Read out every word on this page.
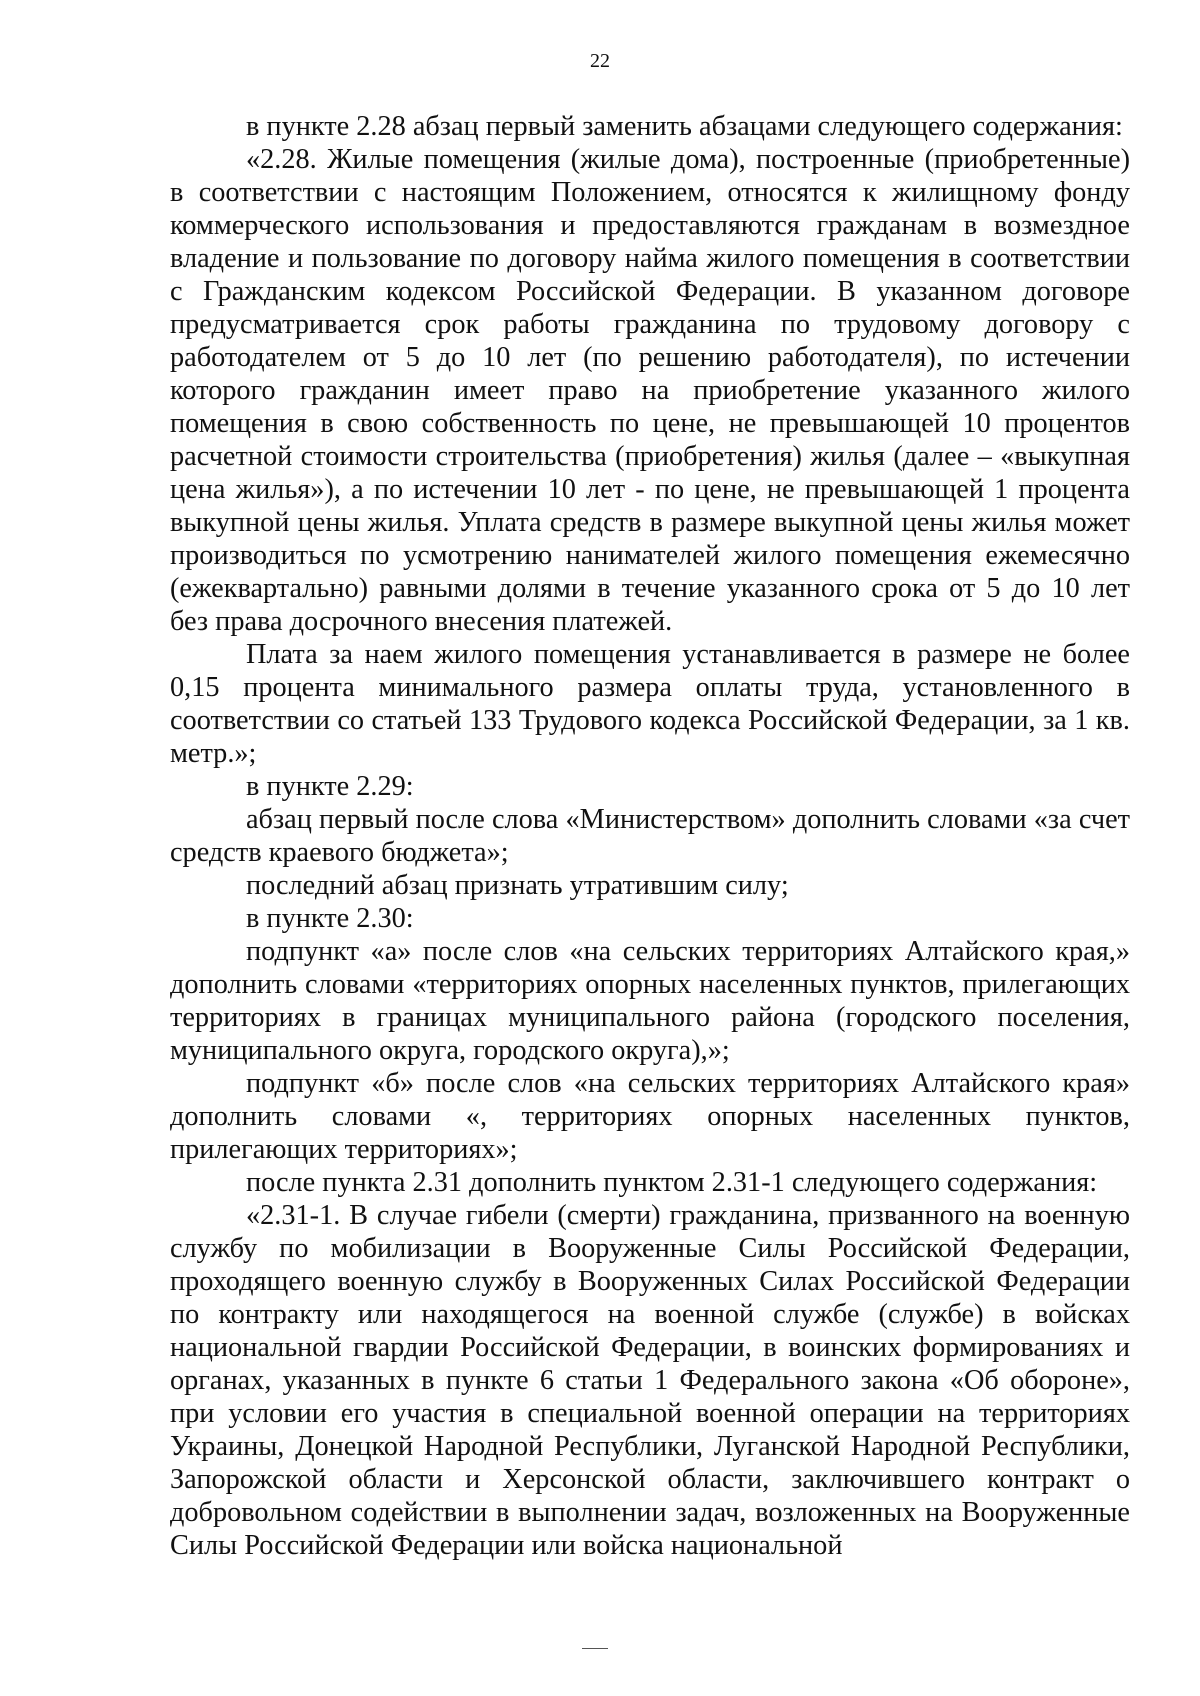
22

в пункте 2.28 абзац первый заменить абзацами следующего содержания:

«2.28. Жилые помещения (жилые дома), построенные (приобретенные) в соответствии с настоящим Положением, относятся к жилищному фонду коммерческого использования и предоставляются гражданам в возмездное владение и пользование по договору найма жилого помещения в соответствии с Гражданским кодексом Российской Федерации. В указанном договоре предусматривается срок работы гражданина по трудовому договору с работодателем от 5 до 10 лет (по решению работодателя), по истечении которого гражданин имеет право на приобретение указанного жилого помещения в свою собственность по цене, не превышающей 10 процентов расчетной стоимости строительства (приобретения) жилья (далее – «выкупная цена жилья»), а по истечении 10 лет - по цене, не превышающей 1 процента выкупной цены жилья. Уплата средств в размере выкупной цены жилья может производиться по усмотрению нанимателей жилого помещения ежемесячно (ежеквартально) равными долями в течение указанного срока от 5 до 10 лет без права досрочного внесения платежей.

Плата за наем жилого помещения устанавливается в размере не более 0,15 процента минимального размера оплаты труда, установленного в соответствии со статьей 133 Трудового кодекса Российской Федерации, за 1 кв. метр.»;

в пункте 2.29:

абзац первый после слова «Министерством» дополнить словами «за счет средств краевого бюджета»;

последний абзац признать утратившим силу;

в пункте 2.30:

подпункт «а» после слов «на сельских территориях Алтайского края,» дополнить словами «территориях опорных населенных пунктов, прилегающих территориях в границах муниципального района (городского поселения, муниципального округа, городского округа),»;

подпункт «б» после слов «на сельских территориях Алтайского края» дополнить словами «, территориях опорных населенных пунктов, прилегающих территориях»;

после пункта 2.31 дополнить пунктом 2.31-1 следующего содержания:

«2.31-1. В случае гибели (смерти) гражданина, призванного на военную службу по мобилизации в Вооруженные Силы Российской Федерации, проходящего военную службу в Вооруженных Силах Российской Федерации по контракту или находящегося на военной службе (службе) в войсках национальной гвардии Российской Федерации, в воинских формированиях и органах, указанных в пункте 6 статьи 1 Федерального закона «Об обороне», при условии его участия в специальной военной операции на территориях Украины, Донецкой Народной Республики, Луганской Народной Республики, Запорожской области и Херсонской области, заключившего контракт о добровольном содействии в выполнении задач, возложенных на Вооруженные Силы Российской Федерации или войска национальной
